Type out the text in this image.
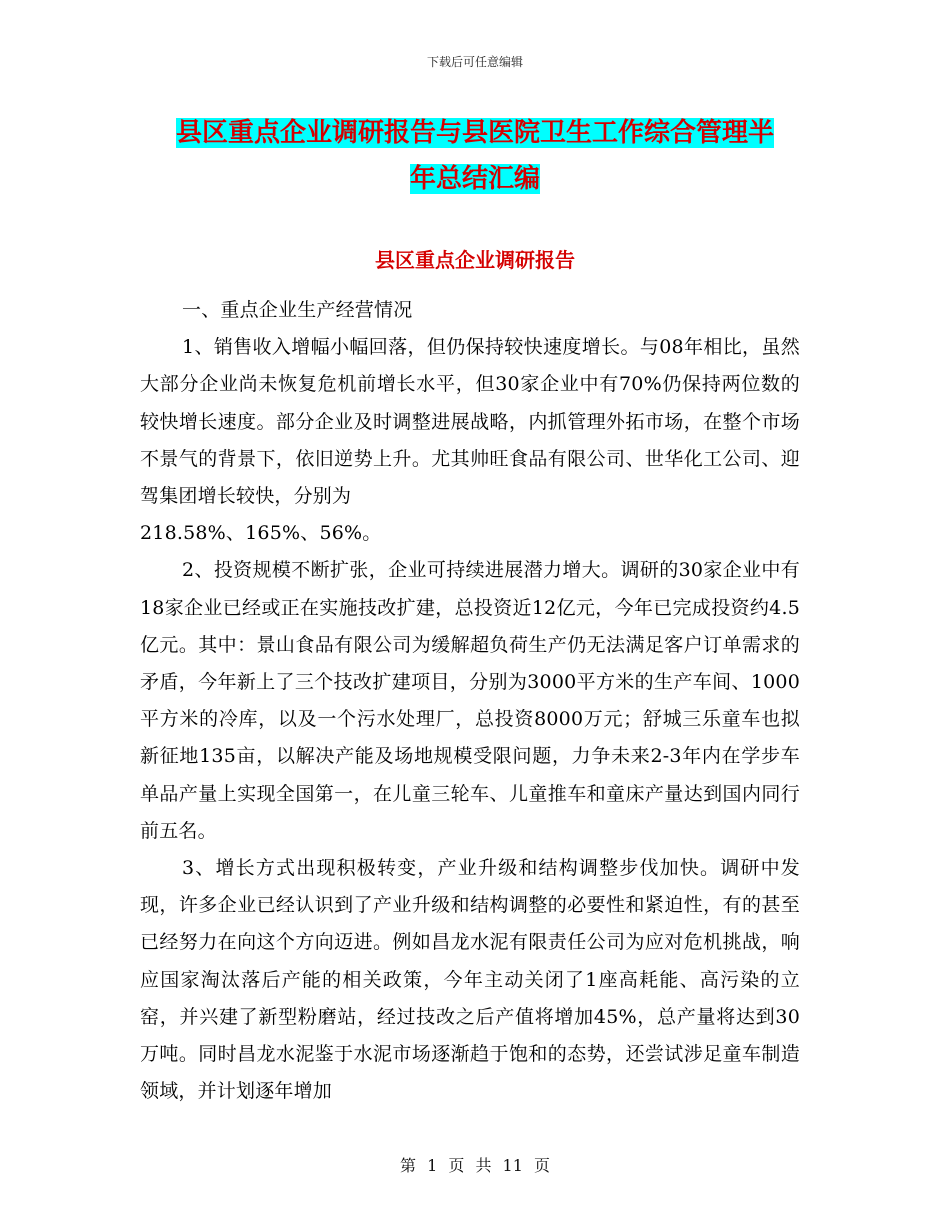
下载后可任意编辑
县区重点企业调研报告与县医院卫生工作综合管理半
年总结汇编
县区重点企业调研报告

一、重点企业生产经营情况

1、销售收入增幅小幅回落，但仍保持较快速度增长。与08年相比，虽然大部分企业尚未恢复危机前增长水平，但30家企业中有70%仍保持两位数的较快增长速度。部分企业及时调整进展战略，内抓管理外拓市场，在整个市场不景气的背景下，依旧逆势上升。尤其帅旺食品有限公司、世华化工公司、迎驾集团增长较快，分别为

218.58%、165%、56%。

2、投资规模不断扩张，企业可持续进展潜力增大。调研的30家企业中有18家企业已经或正在实施技改扩建，总投资近12亿元，今年已完成投资约4.5亿元。其中：景山食品有限公司为缓解超负荷生产仍无法满足客户订单需求的矛盾，今年新上了三个技改扩建项目，分别为3000平方米的生产车间、1000平方米的冷库，以及一个污水处理厂，总投资8000万元；舒城三乐童车也拟新征地135亩，以解决产能及场地规模受限问题，力争未来2-3年内在学步车单品产量上实现全国第一，在儿童三轮车、儿童推车和童床产量达到国内同行前五名。

3、增长方式出现积极转变，产业升级和结构调整步伐加快。调研中发现，许多企业已经认识到了产业升级和结构调整的必要性和紧迫性，有的甚至已经努力在向这个方向迈进。例如昌龙水泥有限责任公司为应对危机挑战，响应国家淘汰落后产能的相关政策，今年主动关闭了1座高耗能、高污染的立窑，并兴建了新型粉磨站，经过技改之后产值将增加45%，总产量将达到30万吨。同时昌龙水泥鉴于水泥市场逐渐趋于饱和的态势，还尝试涉足童车制造领域，并计划逐年增加

第 1 页 共 11 页
